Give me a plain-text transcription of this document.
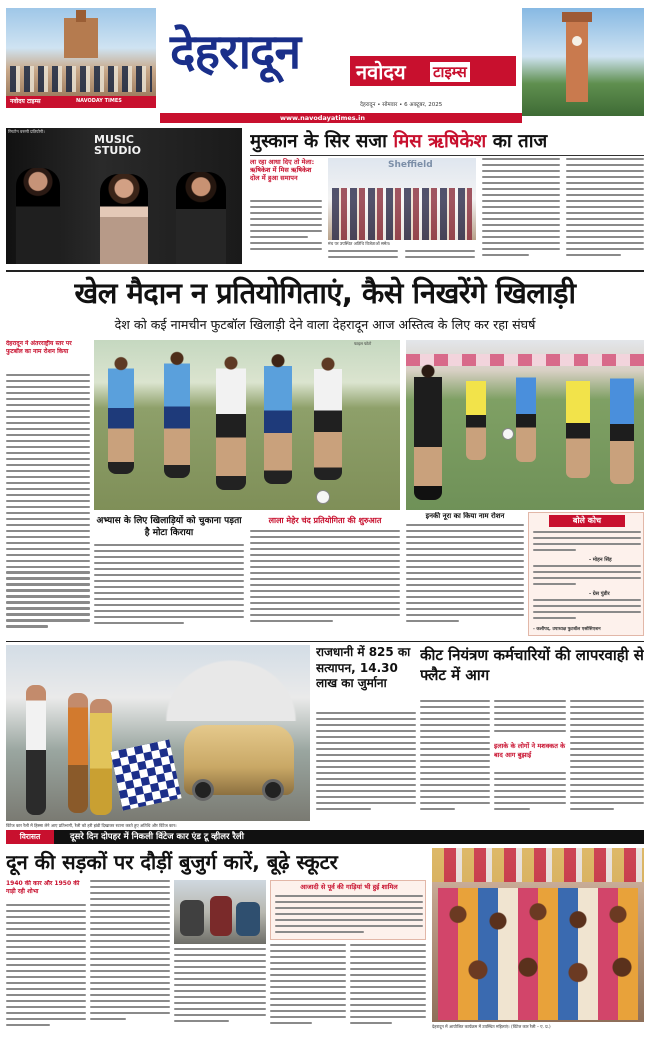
नवोदय टाइम्स	NAVODAY TIMES
देहरादून	नवोदय टाइम्स
देहरादून • सोमवार • 6 अक्टूबर, 2025
www.navodayatimes.in
रिंगटोन वरुणी प्रतियोगी।
MUSIC STUDIO	मुस्कान के सिर सजा मिस ऋषिकेश का ताज
ला रहा आधा दिए तो मेला: ऋषिकेश में मिस ऋषिकेश दोल में हुआ समापन
Sheffield
मंच पर उपस्थित अतिथि विजेताओं समेत।
खेल मैदान न प्रतियोगिताएं, कैसे निखरेंगे खिलाड़ी
देश को कई नामचीन फुटबॉल खिलाड़ी देने वाला देहरादून आज अस्तित्व के लिए कर रहा संघर्ष
देहरादून ने अंतरराष्ट्रीय स्तर पर फुटबॉल का नाम रोशन किया
फाइल फोटो
अभ्यास के लिए खिलाड़ियों को चुकाना पड़ता है मोटा किराया
लाला मेहेर चंद प्रतियोगिता की शुरुआत	इनकी नूरा का किया नाम रोशन	बोले कोच
- मोहन सिंह
- ग्रेस पुंडीर
- कलीपद, उपाध्यक्ष फुटबॉल एसोसिएशन
राजधानी में 825 का सत्यापन, 14.30 लाख का जुर्माना
कीट नियंत्रण कर्मचारियों की लापरवाही से फ्लैट में आग
इलाके के लोगों ने मशक्कत के बाद आग बुझाई
विंटेज कार रैली में हिस्सा लेने आए प्रतिभागी, रैली को हरी झंडी दिखाकर रवाना करते हुए अतिथि और विंटेज कार।
विरासत	दूसरे दिन दोपहर में निकली विंटेज कार एंड टू व्हीलर रैली
दून की सड़कों पर दौड़ीं बुजुर्ग कारें, बूढ़े स्कूटर
1940 की कार और 1950 की गाड़ी रही शोभा	आजादी से पूर्व की गाड़ियां भी हुई शामिल
देहरादून में आयोजित कार्यक्रम में उपस्थित महिलाएं। (विंटेज कार रैली – ए. प्र.)
